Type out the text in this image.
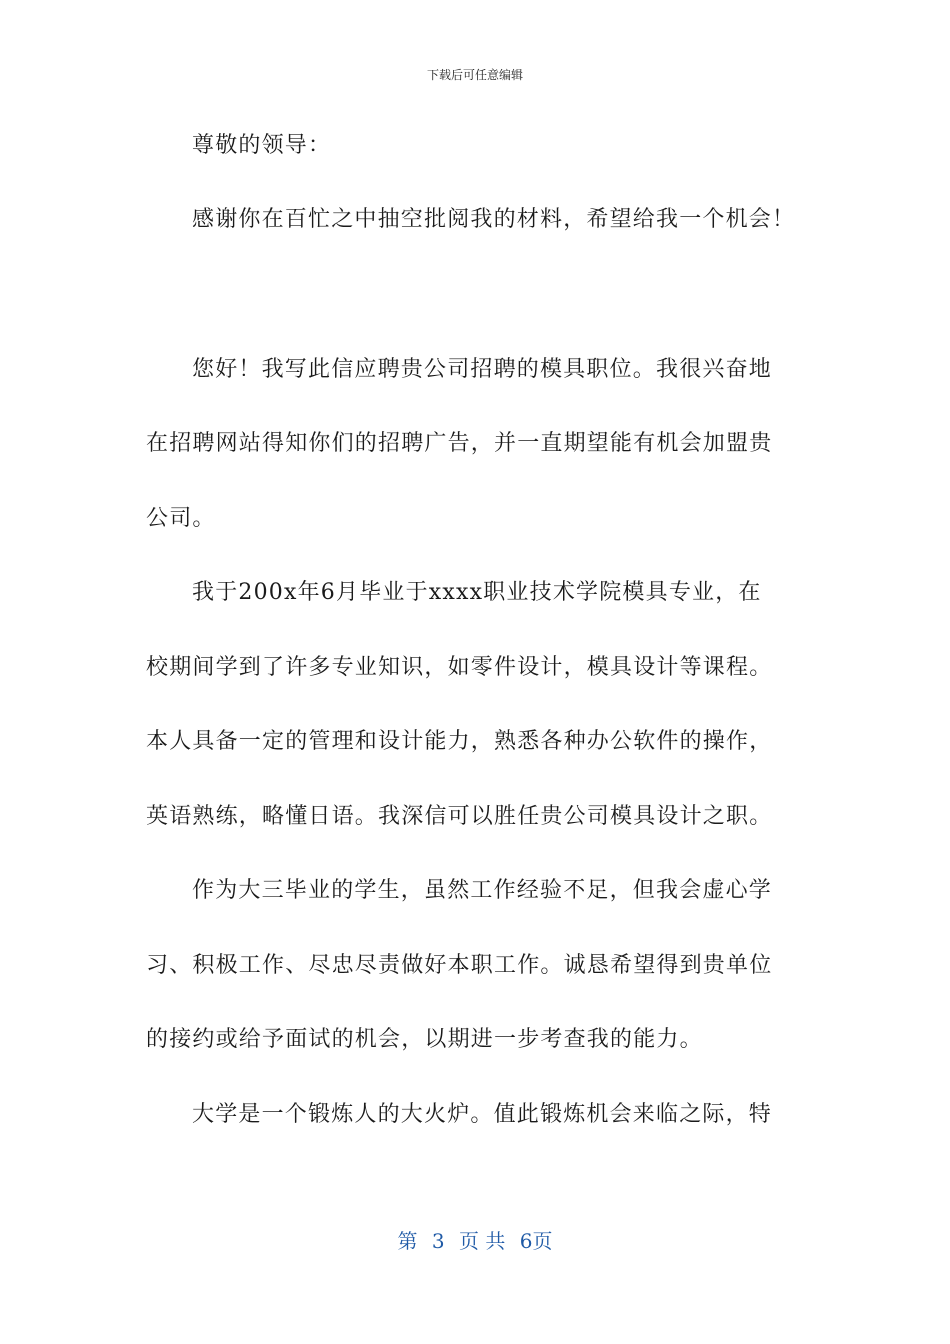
下载后可任意编辑
尊敬的领导：
感谢你在百忙之中抽空批阅我的材料，希望给我一个机会！
您好！我写此信应聘贵公司招聘的模具职位。我很兴奋地
在招聘网站得知你们的招聘广告，并一直期望能有机会加盟贵
公司。
我于200x年6月毕业于xxxx职业技术学院模具专业，在
校期间学到了许多专业知识，如零件设计，模具设计等课程。
本人具备一定的管理和设计能力，熟悉各种办公软件的操作，
英语熟练，略懂日语。我深信可以胜任贵公司模具设计之职。
作为大三毕业的学生，虽然工作经验不足，但我会虚心学
习、积极工作、尽忠尽责做好本职工作。诚恳希望得到贵单位
的接约或给予面试的机会，以期进一步考查我的能力。
大学是一个锻炼人的大火炉。值此锻炼机会来临之际，特
第 3 页 共 6页
